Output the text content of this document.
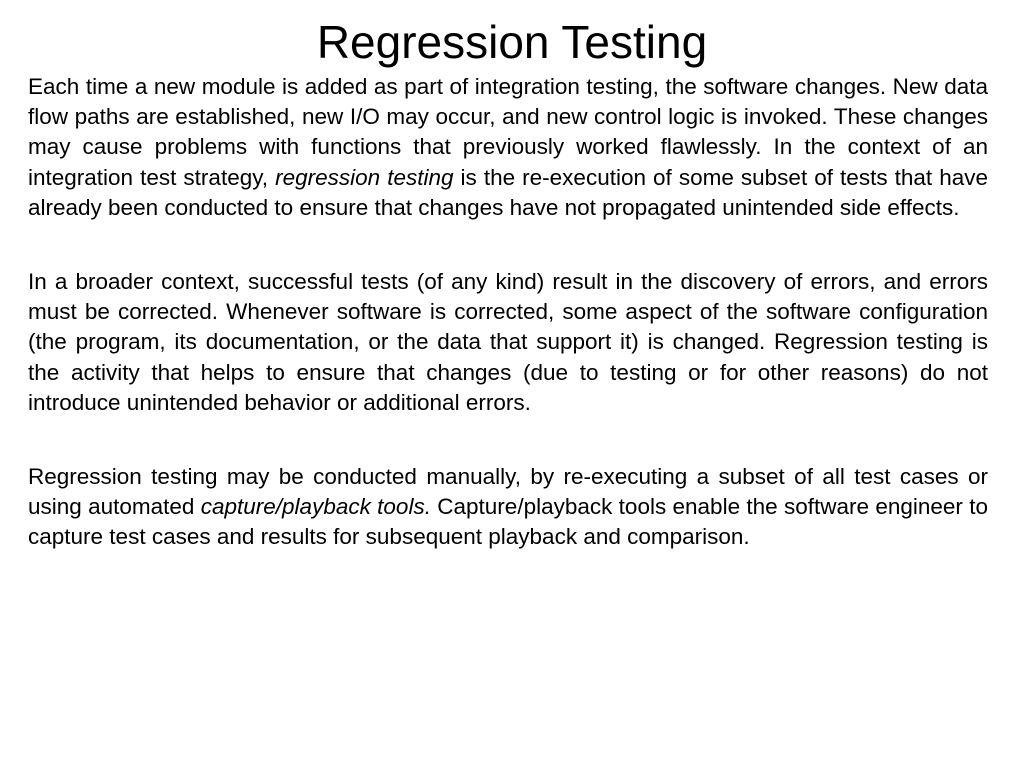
Regression Testing

Each time a new module is added as part of integration testing, the software changes. New data flow paths are established, new I/O may occur, and new control logic is invoked. These changes may cause problems with functions that previously worked flawlessly. In the context of an integration test strategy, regression testing is the re-execution of some subset of tests that have already been conducted to ensure that changes have not propagated unintended side effects.

In a broader context, successful tests (of any kind) result in the discovery of errors, and errors must be corrected. Whenever software is corrected, some aspect of the software configuration (the program, its documentation, or the data that support it) is changed. Regression testing is the activity that helps to ensure that changes (due to testing or for other reasons) do not introduce unintended behavior or additional errors.

Regression testing may be conducted manually, by re-executing a subset of all test cases or using automated capture/playback tools. Capture/playback tools enable the software engineer to capture test cases and results for subsequent playback and comparison.
